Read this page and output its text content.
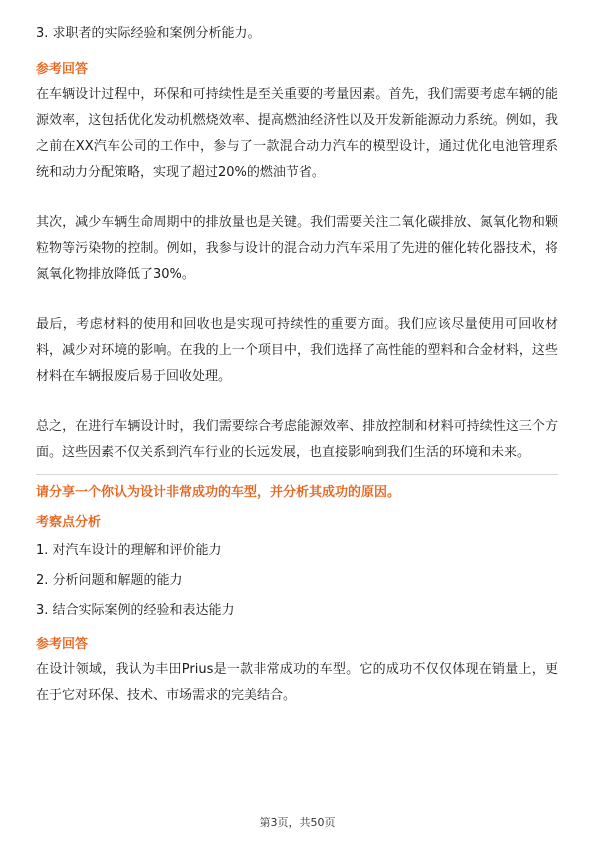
3. 求职者的实际经验和案例分析能力。

参考回答

在车辆设计过程中，环保和可持续性是至关重要的考量因素。首先，我们需要考虑车辆的能源效率，这包括优化发动机燃烧效率、提高燃油经济性以及开发新能源动力系统。例如，我之前在XX汽车公司的工作中，参与了一款混合动力汽车的模型设计，通过优化电池管理系统和动力分配策略，实现了超过20%的燃油节省。

其次，减少车辆生命周期中的排放量也是关键。我们需要关注二氧化碳排放、氮氧化物和颗粒物等污染物的控制。例如，我参与设计的混合动力汽车采用了先进的催化转化器技术，将氮氧化物排放降低了30%。

最后，考虑材料的使用和回收也是实现可持续性的重要方面。我们应该尽量使用可回收材料，减少对环境的影响。在我的上一个项目中，我们选择了高性能的塑料和合金材料，这些材料在车辆报废后易于回收处理。

总之，在进行车辆设计时，我们需要综合考虑能源效率、排放控制和材料可持续性这三个方面。这些因素不仅关系到汽车行业的长远发展，也直接影响到我们生活的环境和未来。

请分享一个你认为设计非常成功的车型，并分析其成功的原因。

考察点分析

1. 对汽车设计的理解和评价能力

2. 分析问题和解题的能力

3. 结合实际案例的经验和表达能力

参考回答

在设计领域，我认为丰田Prius是一款非常成功的车型。它的成功不仅仅体现在销量上，更在于它对环保、技术、市场需求的完美结合。

第3页，共50页
